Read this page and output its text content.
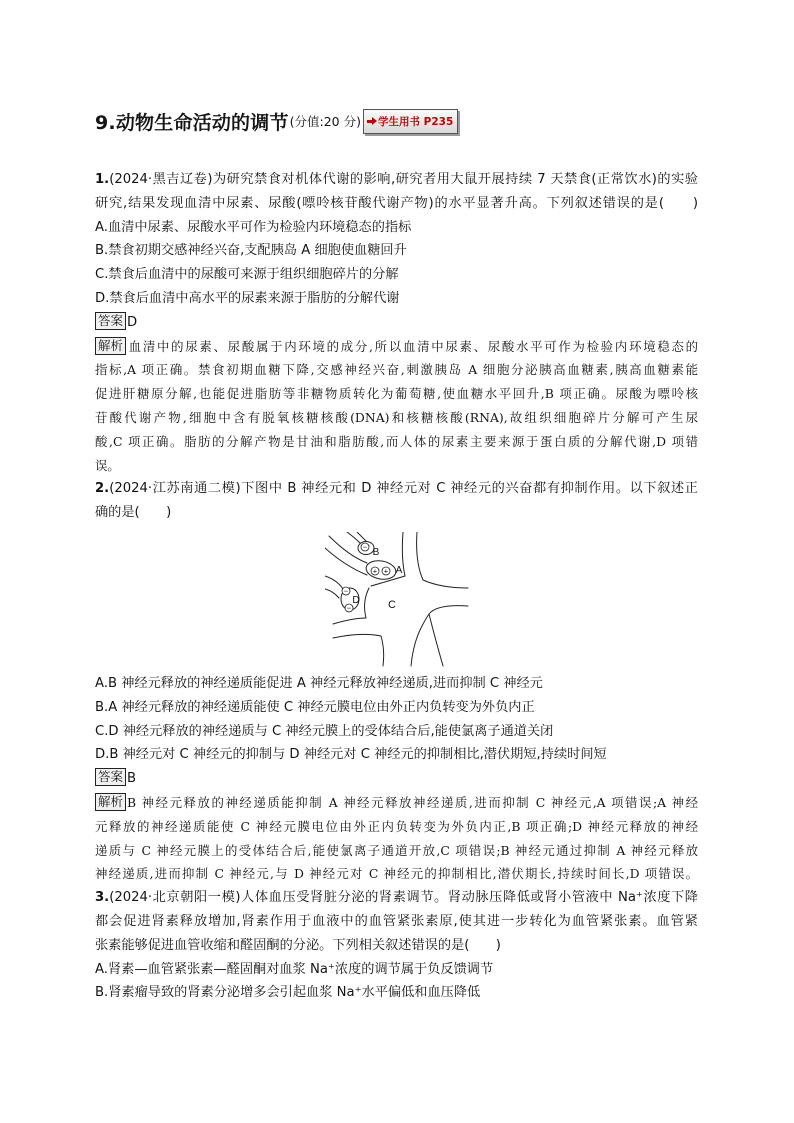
9.动物生命活动的调节 (分值:20 分) 学生用书 P235
1.(2024·黑吉辽卷)为研究禁食对机体代谢的影响,研究者用大鼠开展持续 7 天禁食(正常饮水)的实验
研究,结果发现血清中尿素、尿酸(嘌呤核苷酸代谢产物)的水平显著升高。下列叙述错误的是(　　)
A.血清中尿素、尿酸水平可作为检验内环境稳态的指标
B.禁食初期交感神经兴奋,支配胰岛 A 细胞使血糖回升
C.禁食后血清中的尿酸可来源于组织细胞碎片的分解
D.禁食后血清中高水平的尿素来源于脂肪的分解代谢
答案 D
解析 血清中的尿素、尿酸属于内环境的成分,所以血清中尿素、尿酸水平可作为检验内环境稳态的
指标,A 项正确。禁食初期血糖下降,交感神经兴奋,刺激胰岛 A 细胞分泌胰高血糖素,胰高血糖素能
促进肝糖原分解,也能促进脂肪等非糖物质转化为葡萄糖,使血糖水平回升,B 项正确。尿酸为嘌呤核
苷酸代谢产物,细胞中含有脱氧核糖核酸(DNA)和核糖核酸(RNA),故组织细胞碎片分解可产生尿
酸,C 项正确。脂肪的分解产物是甘油和脂肪酸,而人体的尿素主要来源于蛋白质的分解代谢,D 项错
误。
2.(2024·江苏南通二模)下图中 B 神经元和 D 神经元对 C 神经元的兴奋都有抑制作用。以下叙述正
确的是(　　)
−
+ +
−
−
B
A
D	C
A.B 神经元释放的神经递质能促进 A 神经元释放神经递质,进而抑制 C 神经元
B.A 神经元释放的神经递质能使 C 神经元膜电位由外正内负转变为外负内正
C.D 神经元释放的神经递质与 C 神经元膜上的受体结合后,能使氯离子通道关闭
D.B 神经元对 C 神经元的抑制与 D 神经元对 C 神经元的抑制相比,潜伏期短,持续时间短
答案 B
解析 B 神经元释放的神经递质能抑制 A 神经元释放神经递质,进而抑制 C 神经元,A 项错误;A 神经
元释放的神经递质能使 C 神经元膜电位由外正内负转变为外负内正,B 项正确;D 神经元释放的神经
递质与 C 神经元膜上的受体结合后,能使氯离子通道开放,C 项错误;B 神经元通过抑制 A 神经元释放
神经递质,进而抑制 C 神经元,与 D 神经元对 C 神经元的抑制相比,潜伏期长,持续时间长,D 项错误。
3.(2024·北京朝阳一模)人体血压受肾脏分泌的肾素调节。肾动脉压降低或肾小管液中 Na⁺浓度下降
都会促进肾素释放增加,肾素作用于血液中的血管紧张素原,使其进一步转化为血管紧张素。血管紧
张素能够促进血管收缩和醛固酮的分泌。下列相关叙述错误的是(　　)
A.肾素—血管紧张素—醛固酮对血浆 Na⁺浓度的调节属于负反馈调节
B.肾素瘤导致的肾素分泌增多会引起血浆 Na⁺水平偏低和血压降低
